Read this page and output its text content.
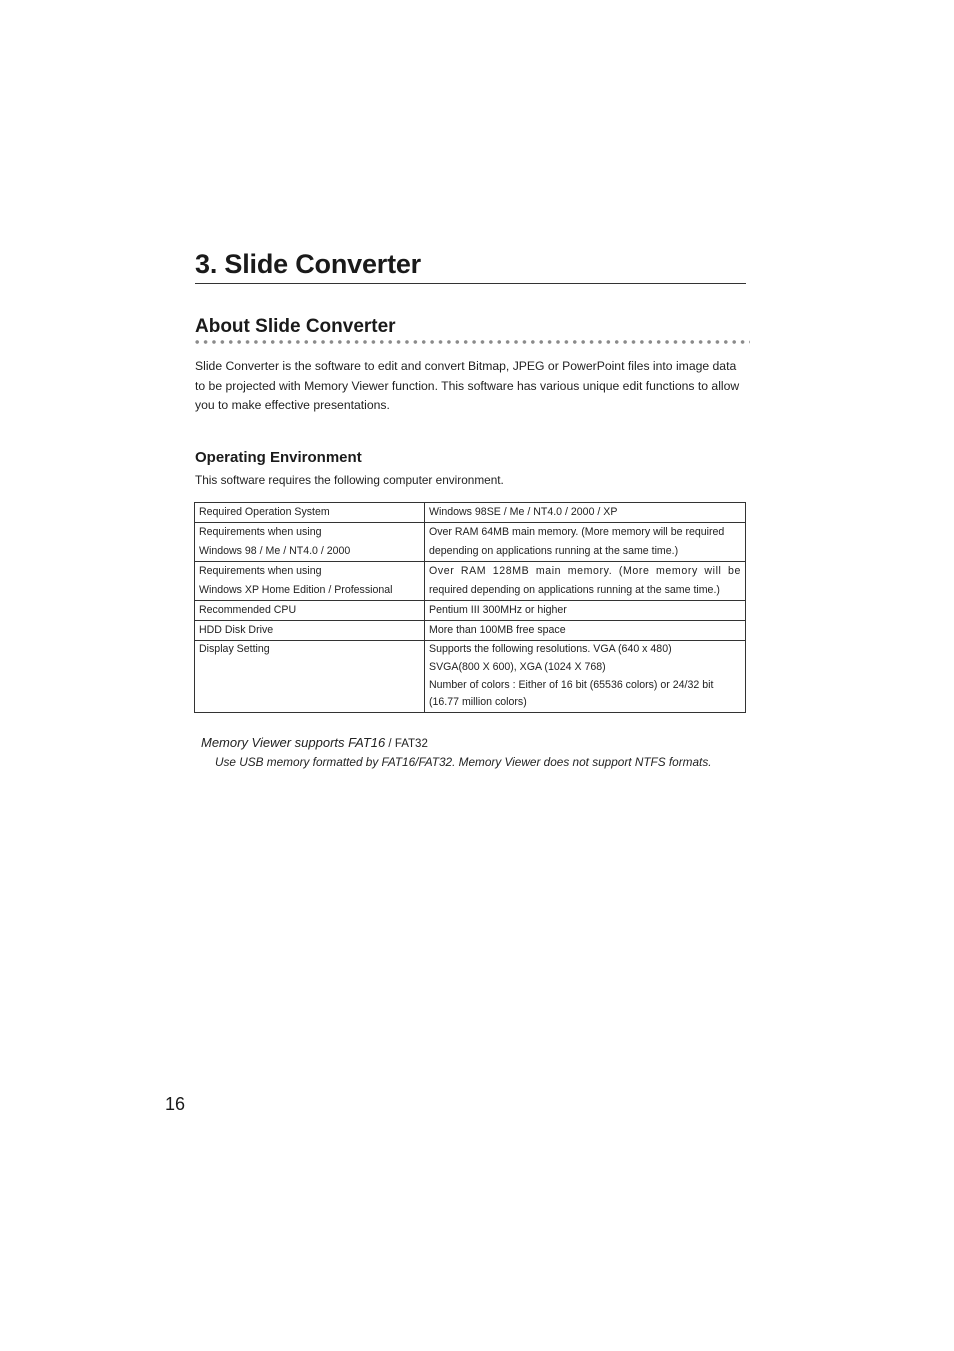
3. Slide Converter
About Slide Converter

Slide Converter is the software to edit and convert Bitmap, JPEG or PowerPoint files into image data to be projected with Memory Viewer function. This software has various unique edit functions to allow you to make effective presentations.

Operating Environment

This software requires the following computer environment.

Required Operation System	Windows 98SE / Me / NT4.0 / 2000 / XP

Requirements when using
Windows 98 / Me / NT4.0 / 2000	Over RAM 64MB main memory. (More memory will be required
depending on applications running at the same time.)

Requirements when using
Windows XP Home Edition / Professional	Over RAM 128MB main memory. (More memory will be
required depending on applications running at the same time.)

Recommended CPU	Pentium III 300MHz or higher

HDD Disk Drive	More than 100MB free space

Display Setting	Supports the following resolutions. VGA (640 x 480)
SVGA(800 X 600), XGA (1024 X 768)
Number of colors : Either of 16 bit (65536 colors) or 24/32 bit
(16.77 million colors)

Memory Viewer supports FAT16 / FAT32

Use USB memory formatted by FAT16/FAT32. Memory Viewer does not support NTFS formats.

16
